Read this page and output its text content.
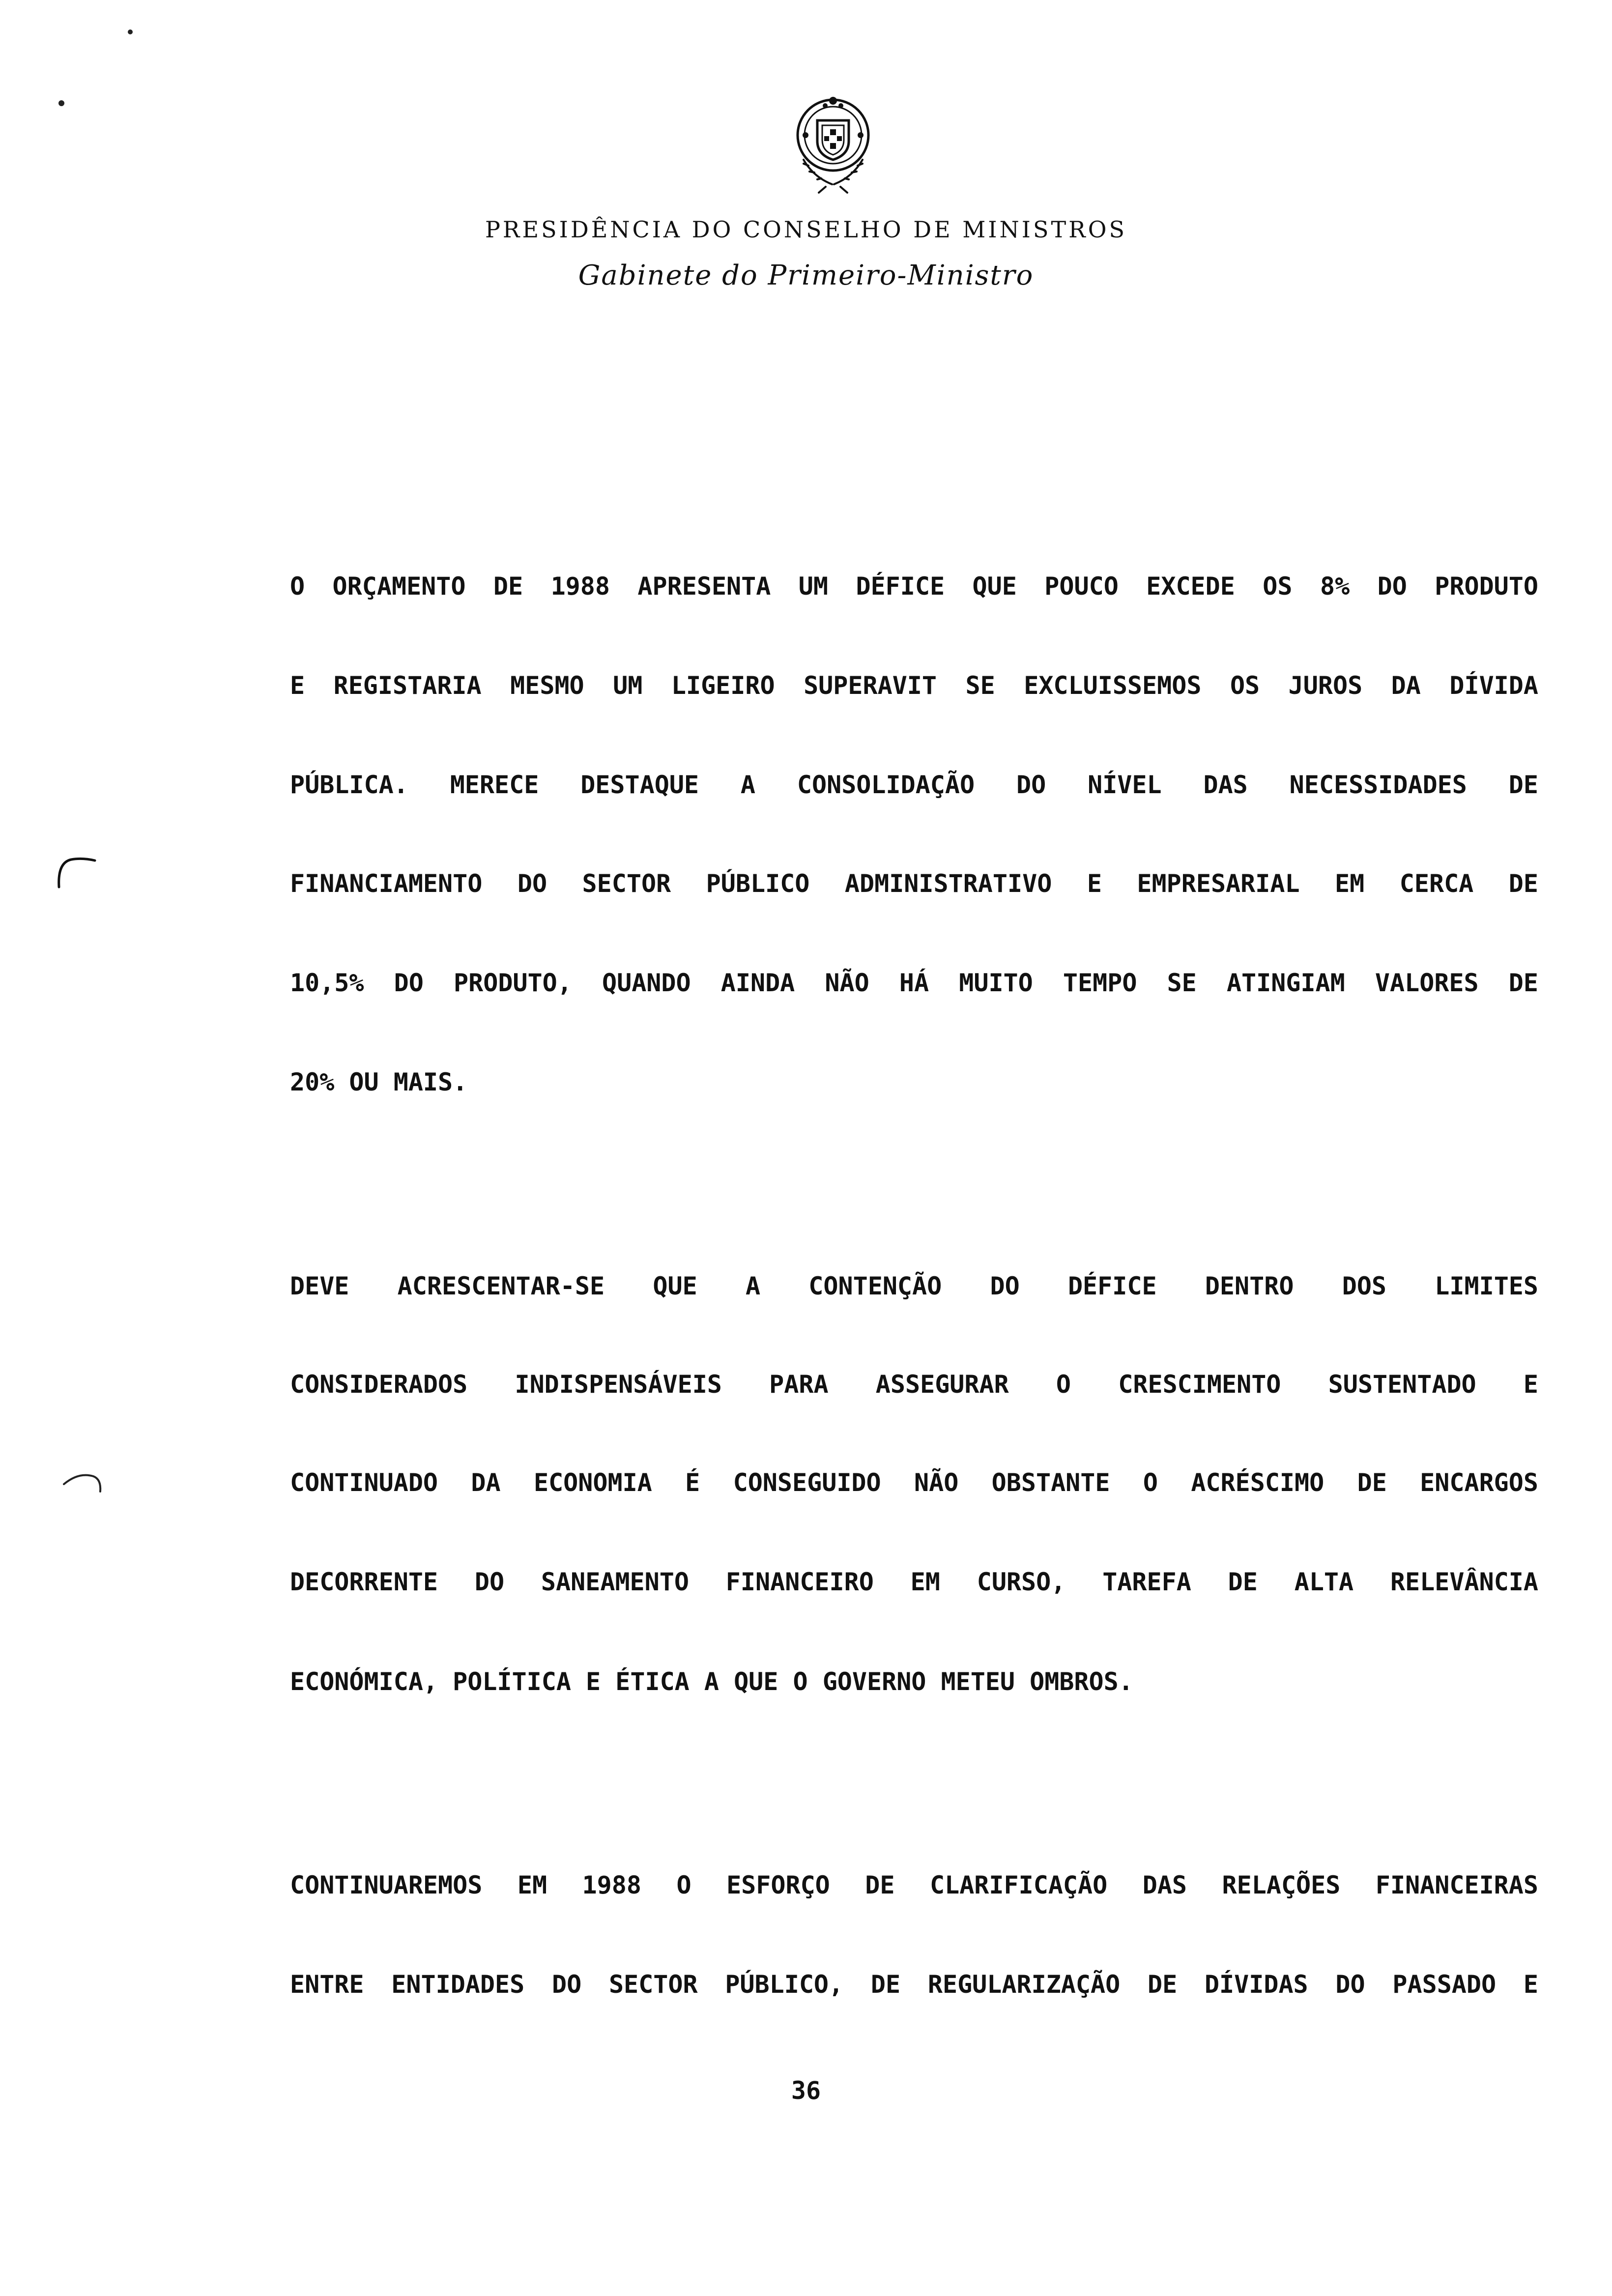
PRESIDÊNCIA DO CONSELHO DE MINISTROS
Gabinete do Primeiro-Ministro
O ORÇAMENTO DE 1988 APRESENTA UM DÉFICE QUE POUCO EXCEDE OS 8% DO PRODUTO
E REGISTARIA MESMO UM LIGEIRO SUPERAVIT SE EXCLUISSEMOS OS JUROS DA DÍVIDA
PÚBLICA. MERECE DESTAQUE A CONSOLIDAÇÃO DO NÍVEL DAS NECESSIDADES DE
FINANCIAMENTO DO SECTOR PÚBLICO ADMINISTRATIVO E EMPRESARIAL EM CERCA DE
10,5% DO PRODUTO, QUANDO AINDA NÃO HÁ MUITO TEMPO SE ATINGIAM VALORES DE
20% OU MAIS.
DEVE ACRESCENTAR-SE QUE A CONTENÇÃO DO DÉFICE DENTRO DOS LIMITES
CONSIDERADOS INDISPENSÁVEIS PARA ASSEGURAR O CRESCIMENTO SUSTENTADO E
CONTINUADO DA ECONOMIA É CONSEGUIDO NÃO OBSTANTE O ACRÉSCIMO DE ENCARGOS
DECORRENTE DO SANEAMENTO FINANCEIRO EM CURSO, TAREFA DE ALTA RELEVÂNCIA
ECONÓMICA, POLÍTICA E ÉTICA A QUE O GOVERNO METEU OMBROS.
CONTINUAREMOS EM 1988 O ESFORÇO DE CLARIFICAÇÃO DAS RELAÇÕES FINANCEIRAS
ENTRE ENTIDADES DO SECTOR PÚBLICO, DE REGULARIZAÇÃO DE DÍVIDAS DO PASSADO E
36
